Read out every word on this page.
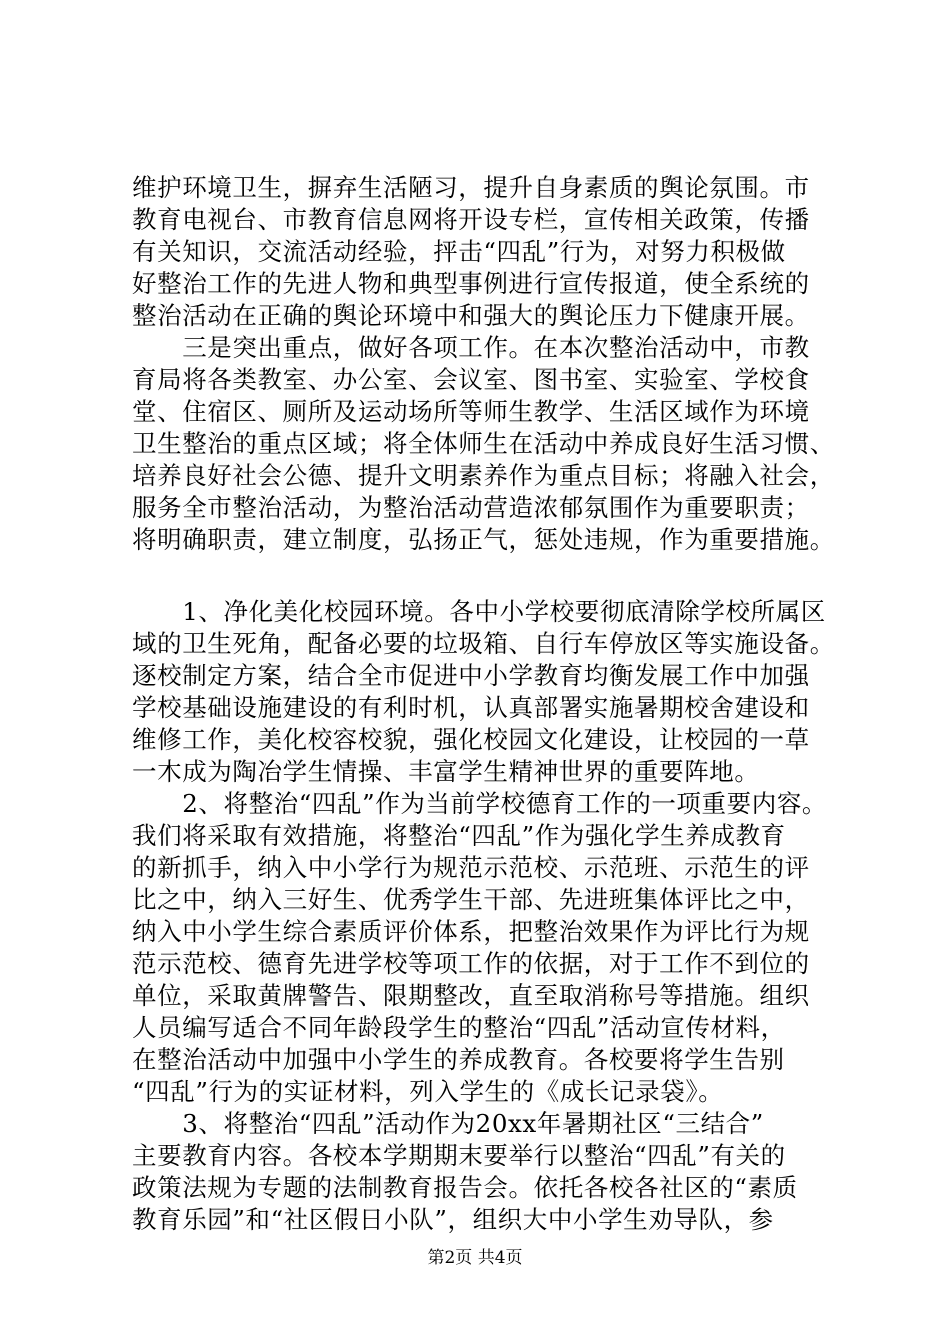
维护环境卫生，摒弃生活陋习，提升自身素质的舆论氛围。市
教育电视台、市教育信息网将开设专栏，宣传相关政策，传播
有关知识，交流活动经验，抨击“四乱”行为，对努力积极做
好整治工作的先进人物和典型事例进行宣传报道，使全系统的
整治活动在正确的舆论环境中和强大的舆论压力下健康开展。
　　三是突出重点，做好各项工作。在本次整治活动中，市教
育局将各类教室、办公室、会议室、图书室、实验室、学校食
堂、住宿区、厕所及运动场所等师生教学、生活区域作为环境
卫生整治的重点区域；将全体师生在活动中养成良好生活习惯、
培养良好社会公德、提升文明素养作为重点目标；将融入社会，
服务全市整治活动，为整治活动营造浓郁氛围作为重要职责；
将明确职责，建立制度，弘扬正气，惩处违规，作为重要措施。
　　1、净化美化校园环境。各中小学校要彻底清除学校所属区
域的卫生死角，配备必要的垃圾箱、自行车停放区等实施设备。
逐校制定方案，结合全市促进中小学教育均衡发展工作中加强
学校基础设施建设的有利时机，认真部署实施暑期校舍建设和
维修工作，美化校容校貌，强化校园文化建设，让校园的一草
一木成为陶冶学生情操、丰富学生精神世界的重要阵地。
　　2、将整治“四乱”作为当前学校德育工作的一项重要内容。
我们将采取有效措施，将整治“四乱”作为强化学生养成教育
的新抓手，纳入中小学行为规范示范校、示范班、示范生的评
比之中，纳入三好生、优秀学生干部、先进班集体评比之中，
纳入中小学生综合素质评价体系，把整治效果作为评比行为规
范示范校、德育先进学校等项工作的依据，对于工作不到位的
单位，采取黄牌警告、限期整改，直至取消称号等措施。组织
人员编写适合不同年龄段学生的整治“四乱”活动宣传材料，
在整治活动中加强中小学生的养成教育。各校要将学生告别
“四乱”行为的实证材料，列入学生的《成长记录袋》。
　　3、将整治“四乱”活动作为20xx年暑期社区“三结合”
主要教育内容。各校本学期期末要举行以整治“四乱”有关的
政策法规为专题的法制教育报告会。依托各校各社区的“素质
教育乐园”和“社区假日小队”，组织大中小学生劝导队，参
第2页 共4页
